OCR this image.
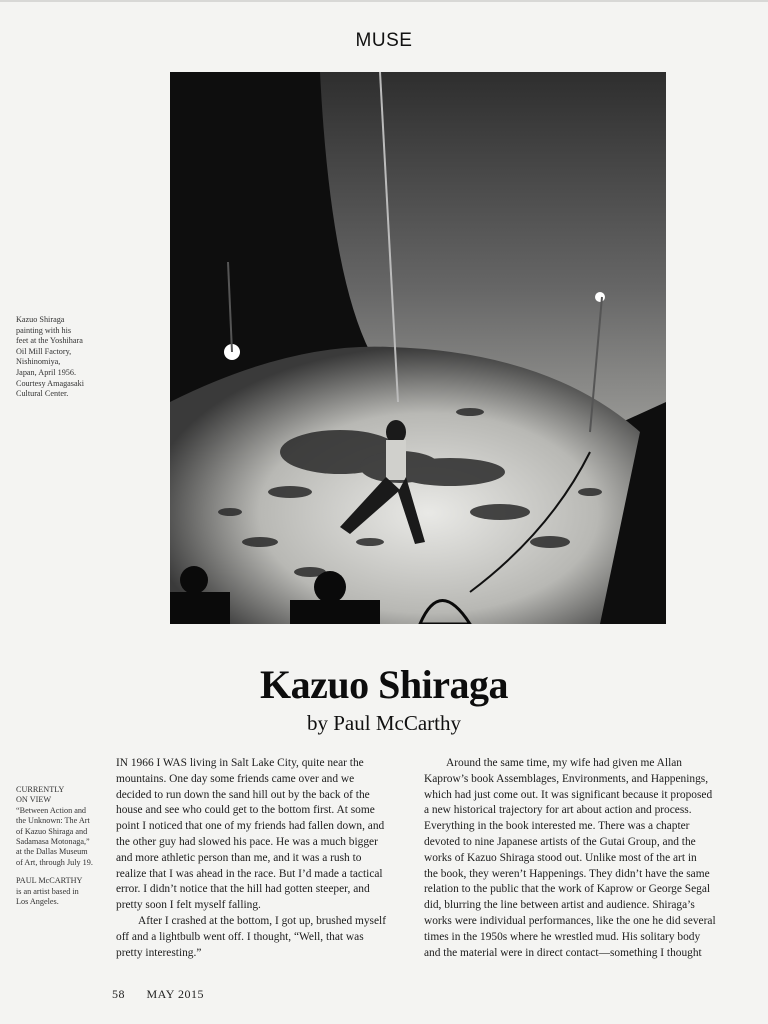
MUSE
Kazuo Shiraga
painting with his
feet at the Yoshihara
Oil Mill Factory,
Nishinomiya,
Japan, April 1956.
Courtesy Amagasaki
Cultural Center.
Kazuo Shiraga
by Paul McCarthy
CURRENTLY
ON VIEW
“Between Action and
the Unknown: The Art
of Kazuo Shiraga and
Sadamasa Motonaga,”
at the Dallas Museum
of Art, through July 19.
PAUL McCARTHY
is an artist based in
Los Angeles.
IN 1966 I WAS living in Salt Lake City, quite near the
mountains. One day some friends came over and we
decided to run down the sand hill out by the back of the
house and see who could get to the bottom first. At some
point I noticed that one of my friends had fallen down, and
the other guy had slowed his pace. He was a much bigger
and more athletic person than me, and it was a rush to
realize that I was ahead in the race. But I’d made a tactical
error. I didn’t notice that the hill had gotten steeper, and
pretty soon I felt myself falling.
After I crashed at the bottom, I got up, brushed myself
off and a lightbulb went off. I thought, “Well, that was
pretty interesting.”
Around the same time, my wife had given me Allan
Kaprow’s book Assemblages, Environments, and Happenings,
which had just come out. It was significant because it proposed
a new historical trajectory for art about action and process.
Everything in the book interested me. There was a chapter
devoted to nine Japanese artists of the Gutai Group, and the
works of Kazuo Shiraga stood out. Unlike most of the art in
the book, they weren’t Happenings. They didn’t have the same
relation to the public that the work of Kaprow or George Segal
did, blurring the line between artist and audience. Shiraga’s
works were individual performances, like the one he did several
times in the 1950s where he wrestled mud. His solitary body
and the material were in direct contact—something I thought
58 MAY 2015
